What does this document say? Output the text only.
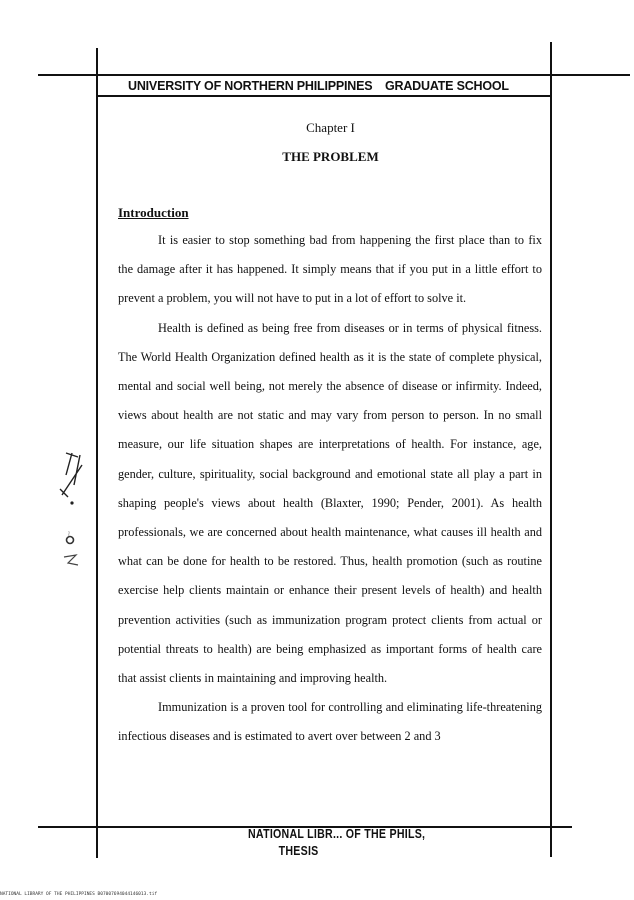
UNIVERSITY OF NORTHERN PHILIPPINES GRADUATE SCHOOL
Chapter I
THE PROBLEM
Introduction

It is easier to stop something bad from happening the first place than to fix the damage after it has happened. It simply means that if you put in a little effort to prevent a problem, you will not have to put in a lot of effort to solve it.

Health is defined as being free from diseases or in terms of physical fitness. The World Health Organization defined health as it is the state of complete physical, mental and social well being, not merely the absence of disease or infirmity. Indeed, views about health are not static and may vary from person to person. In no small measure, our life situation shapes are interpretations of health. For instance, age, gender, culture, spirituality, social background and emotional state all play a part in shaping people's views about health (Blaxter, 1990; Pender, 2001). As health professionals, we are concerned about health maintenance, what causes ill health and what can be done for health to be restored. Thus, health promotion (such as routine exercise help clients maintain or enhance their present levels of health) and health prevention activities (such as immunization program protect clients from actual or potential threats to health) are being emphasized as important forms of health care that assist clients in maintaining and improving health.

Immunization is a proven tool for controlling and eliminating life-threatening infectious diseases and is estimated to avert over between 2 and 3

~
NATIONAL LIBR... OF THE PHILS,
THESIS
NATIONAL LIBRARY OF THE PHILIPPINES B07007694044146013.tif
